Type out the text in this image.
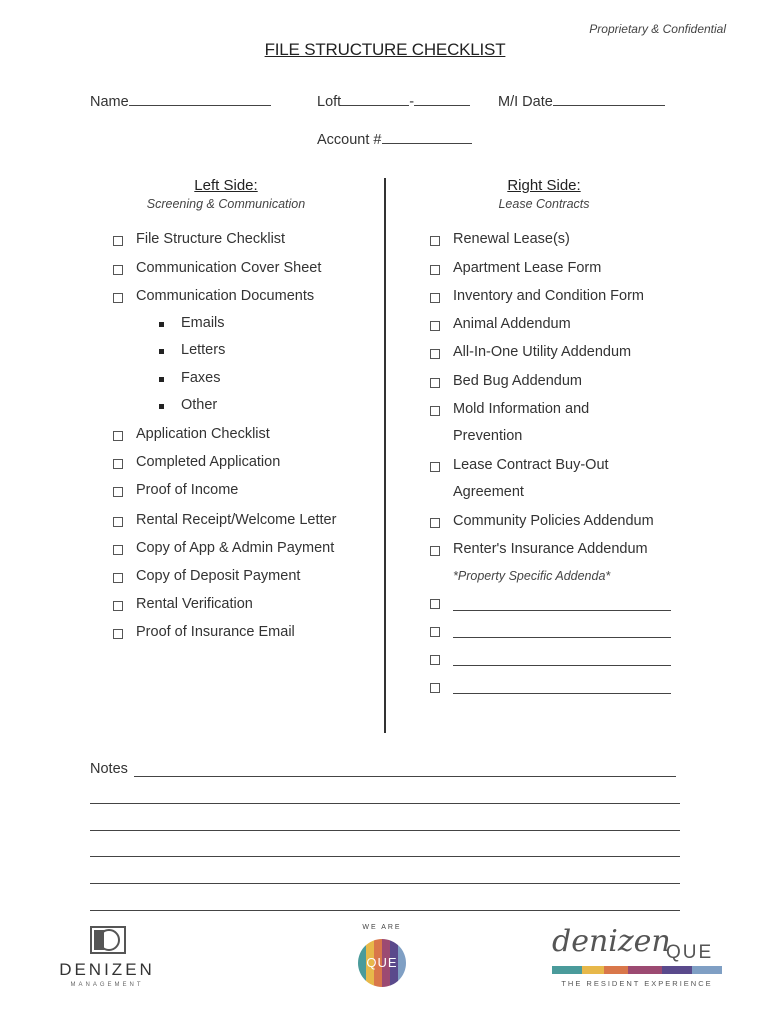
Proprietary & Confidential
FILE STRUCTURE CHECKLIST
Name	Loft	-	M/I Date
Account #
Left Side:
Screening & Communication
Right Side:
Lease Contracts
File Structure Checklist
Communication Cover Sheet
Communication Documents
Emails
Letters
Faxes
Other
Application Checklist
Completed Application
Proof of Income
Rental Receipt/Welcome Letter
Copy of App & Admin Payment
Copy of Deposit Payment
Rental Verification
Proof of Insurance Email
Renewal Lease(s)
Apartment Lease Form
Inventory and Condition Form
Animal Addendum
All-In-One Utility Addendum
Bed Bug Addendum
Mold Information and
Prevention
Lease Contract Buy-Out
Agreement
Community Policies Addendum
Renter's Insurance Addendum
*Property Specific Addenda*
Notes
DENIZEN
MANAGEMENT
WE ARE
QUE
denizen
QUE
THE RESIDENT EXPERIENCE
